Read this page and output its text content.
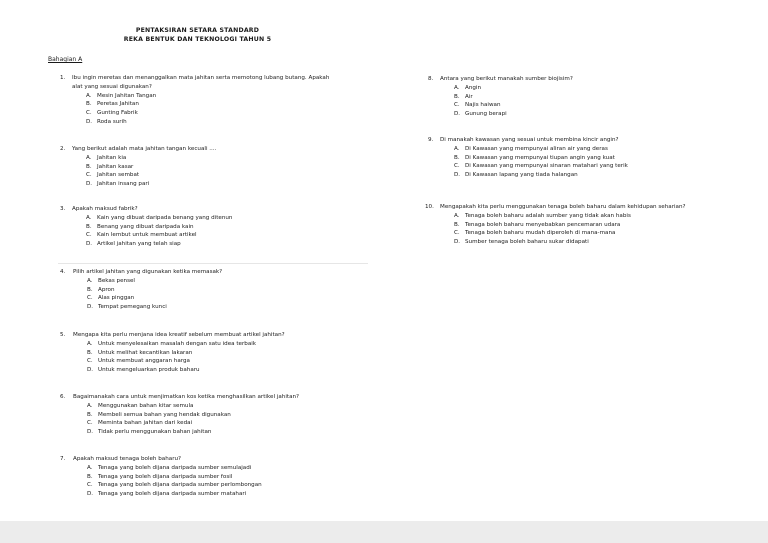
PENTAKSIRAN SETARA STANDARD
REKA BENTUK DAN TEKNOLOGI TAHUN 5
Bahagian A
1.	Ibu ingin meretas dan menanggalkan mata jahitan serta memotong lubang butang. Apakah
alat yang sesuai digunakan?
A. Mesin Jahitan Tangan
B. Peretas Jahitan
C. Gunting Fabrik
D. Roda surih
2.	Yang berikut adalah mata jahitan tangan kecuali ....
A. Jahitan kia
B. Jahitan kasar
C. Jahitan sembat
D. Jahitan insang pari
3.	Apakah maksud fabrik?
A. Kain yang dibuat daripada benang yang ditenun
B. Benang yang dibuat daripada kain
C. Kain lembut untuk membuat artikel
D. Artikel jahitan yang telah siap
4.	Pilih artikel jahitan yang digunakan ketika memasak?
A. Bekas pensel
B. Apron
C. Alas pinggan
D. Tempat pemegang kunci
5.	Mengapa kita perlu menjana idea kreatif sebelum membuat artikel jahitan?
A. Untuk menyelesaikan masalah dengan satu idea terbaik
B. Untuk melihat kecantikan lakaran
C. Untuk membuat anggaran harga
D. Untuk mengeluarkan produk baharu
6.	Bagaimanakah cara untuk menjimatkan kos ketika menghasilkan artikel jahitan?
A. Menggunakan bahan kitar semula
B. Membeli semua bahan yang hendak digunakan
C. Meminta bahan jahitan dari kedai
D. Tidak perlu menggunakan bahan jahitan
7.	Apakah maksud tenaga boleh baharu?
A. Tenaga yang boleh dijana daripada sumber semulajadi
B. Tenaga yang boleh dijana daripada sumber fosil
C. Tenaga yang boleh dijana daripada sumber perlombongan
D. Tenaga yang boleh dijana daripada sumber matahari
8.	Antara yang berikut manakah sumber biojisim?
A. Angin
B. Air
C. Najis haiwan
D. Gunung berapi
9.	Di manakah kawasan yang sesuai untuk membina kincir angin?
A. Di Kawasan yang mempunyai aliran air yang deras
B. Di Kawasan yang mempunyai tiupan angin yang kuat
C. Di Kawasan yang mempunyai sinaran matahari yang terik
D. Di Kawasan lapang yang tiada halangan
10.	Mengapakah kita perlu menggunakan tenaga boleh baharu dalam kehidupan seharian?
A. Tenaga boleh baharu adalah sumber yang tidak akan habis
B. Tenaga boleh baharu menyebabkan pencemaran udara
C. Tenaga boleh baharu mudah diperoleh di mana-mana
D. Sumber tenaga boleh baharu sukar didapati
